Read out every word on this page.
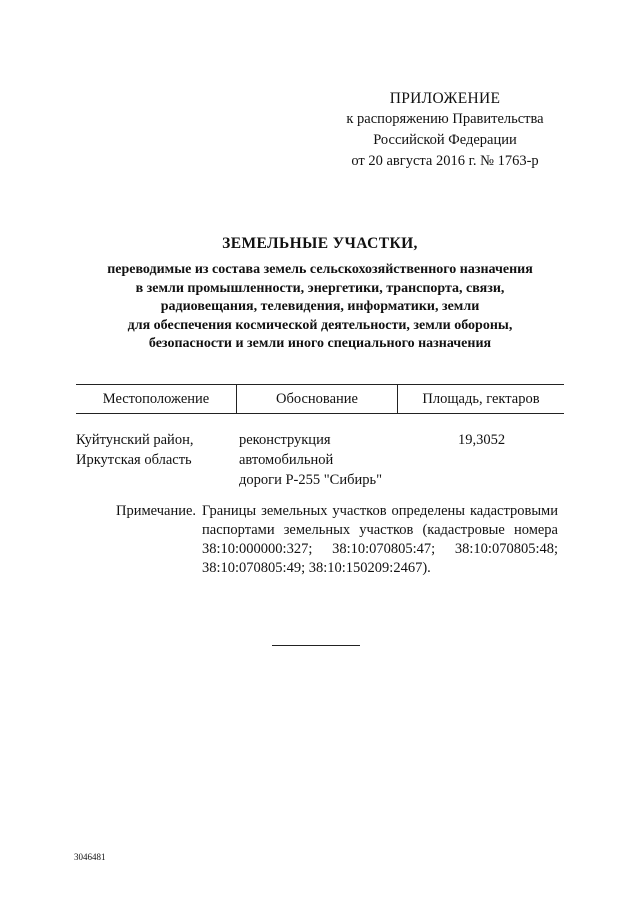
ПРИЛОЖЕНИЕ
к распоряжению Правительства
Российской Федерации
от 20 августа 2016 г. № 1763-р
ЗЕМЕЛЬНЫЕ УЧАСТКИ,
переводимые из состава земель сельскохозяйственного назначения
в земли промышленности, энергетики, транспорта, связи,
радиовещания, телевидения, информатики, земли
для обеспечения космической деятельности, земли обороны,
безопасности и земли иного специального назначения
Местоположение	Обоснование	Площадь, гектаров
Куйтунский район,
Иркутская область
реконструкция
автомобильной
дороги Р-255 "Сибирь"
19,3052
Примечание. Границы земельных участков определены кадастровыми паспортами земельных участков (кадастровые номера 38:10:000000:327; 38:10:070805:47; 38:10:070805:48; 38:10:070805:49; 38:10:150209:2467).
3046481
